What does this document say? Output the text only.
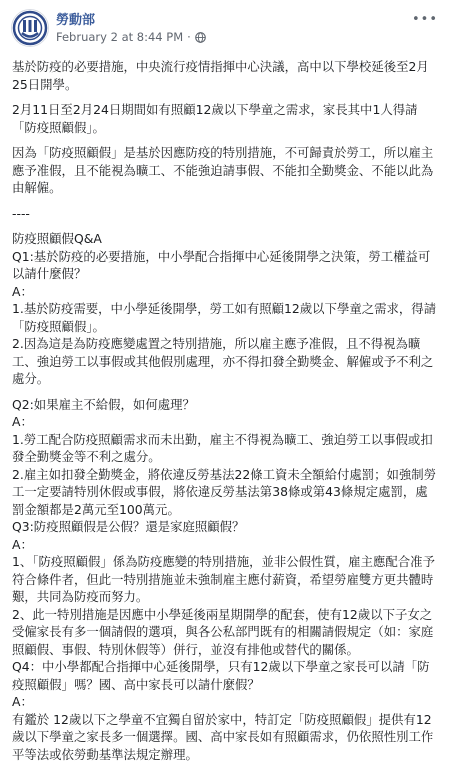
勞動部
February 2 at 8:44 PM ·
•••

基於防疫的必要措施，中央流行疫情指揮中心決議，高中以下學校延後至2月25日開學。

2月11日至2月24日期間如有照顧12歲以下學童之需求，家長其中1人得請「防疫照顧假」。

因為「防疫照顧假」是基於因應防疫的特別措施，不可歸責於勞工，所以雇主應予准假，且不能視為曠工、不能強迫請事假、不能扣全勤獎金、不能以此為由解僱。

----

防疫照顧假Q&A

Q1:基於防疫的必要措施，中小學配合指揮中心延後開學之決策，勞工權益可以請什麼假？

A：

1.基於防疫需要，中小學延後開學，勞工如有照顧12歲以下學童之需求，得請「防疫照顧假」。

2.因為這是為防疫應變處置之特別措施，所以雇主應予准假，且不得視為曠工、強迫勞工以事假或其他假別處理，亦不得扣發全勤獎金、解僱或予不利之處分。

Q2:如果雇主不給假，如何處理？

A：

1.勞工配合防疫照顧需求而未出勤，雇主不得視為曠工、強迫勞工以事假或扣發全勤獎金等不利之處分。

2.雇主如扣發全勤獎金，將依違反勞基法22條工資未全額給付處罰；如強制勞工一定要請特別休假或事假，將依違反勞基法第38條或第43條規定處罰，處罰金額都是2萬元至100萬元。

Q3:防疫照顧假是公假？還是家庭照顧假？

A：

1、「防疫照顧假」係為防疫應變的特別措施，並非公假性質，雇主應配合准予符合條件者，但此一特別措施並未強制雇主應付薪資，希望勞雇雙方更共體時艱，共同為防疫而努力。

2、此一特別措施是因應中小學延後兩星期開學的配套，使有12歲以下子女之受僱家長有多一個請假的選項，與各公私部門既有的相關請假規定（如：家庭照顧假、事假、特別休假等）併行，並沒有排他或替代的關係。

Q4：中小學都配合指揮中心延後開學，只有12歲以下學童之家長可以請「防疫照顧假」嗎？國、高中家長可以請什麼假？

A：

有鑑於 12歲以下之學童不宜獨自留於家中，特訂定「防疫照顧假」提供有12歲以下學童之家長多一個選擇。國、高中家長如有照顧需求，仍依照性別工作平等法或依勞動基準法規定辦理。
